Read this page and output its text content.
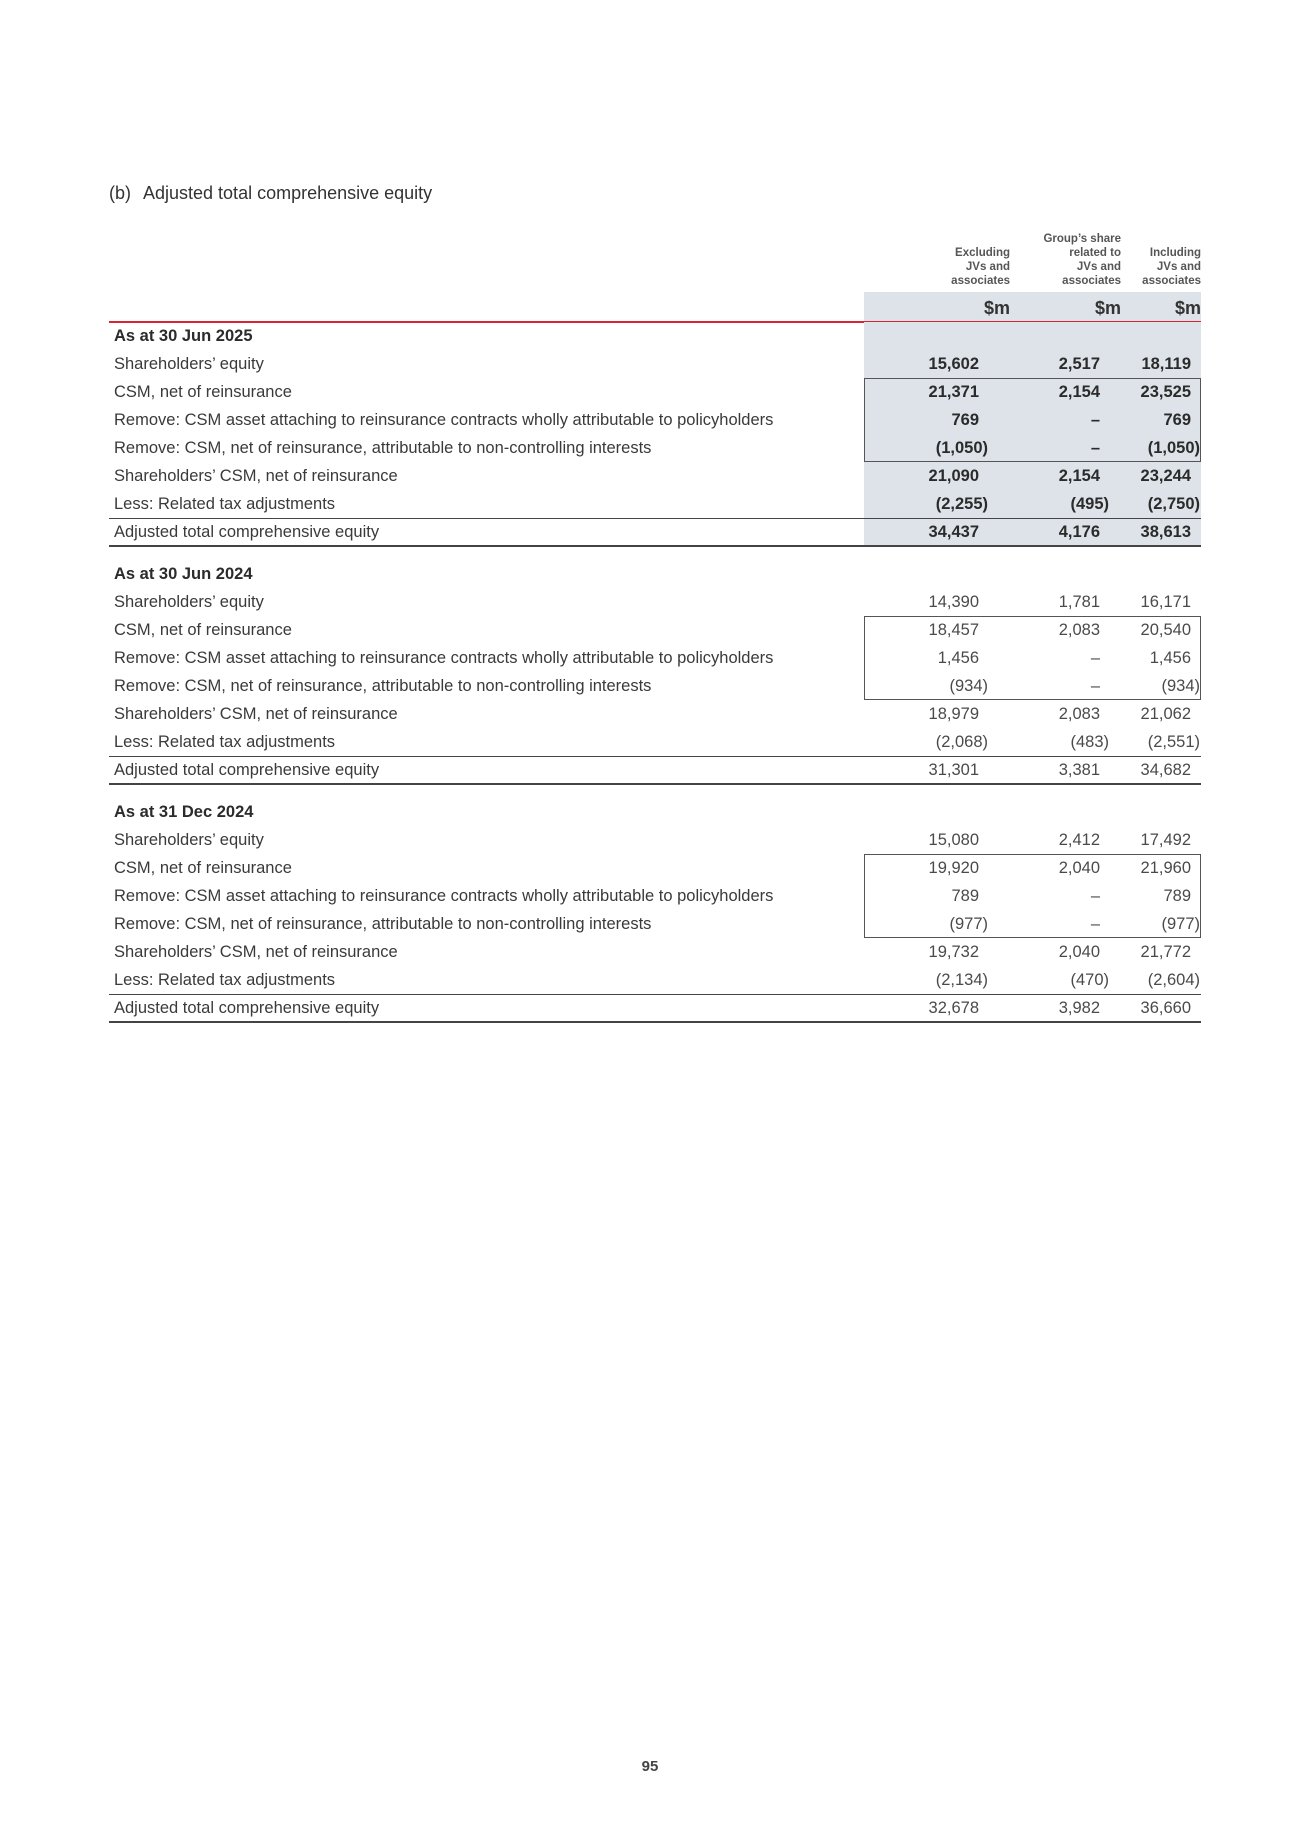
(b) Adjusted total comprehensive equity
Excluding
JVs and
associates
$m
Group’s share
related to
JVs and
associates
$m
Including
JVs and
associates
$m
As at 30 Jun 2025
Shareholders’ equity	15,602	2,517	18,119
CSM, net of reinsurance	21,371	2,154	23,525
Remove: CSM asset attaching to reinsurance contracts wholly attributable to policyholders	769	–	769
Remove: CSM, net of reinsurance, attributable to non-controlling interests	(1,050)	–	(1,050)
Shareholders’ CSM, net of reinsurance	21,090	2,154	23,244
Less: Related tax adjustments	(2,255)	(495)	(2,750)
Adjusted total comprehensive equity	34,437	4,176	38,613
As at 30 Jun 2024
Shareholders’ equity	14,390	1,781	16,171
CSM, net of reinsurance	18,457	2,083	20,540
Remove: CSM asset attaching to reinsurance contracts wholly attributable to policyholders	1,456	–	1,456
Remove: CSM, net of reinsurance, attributable to non-controlling interests	(934)	–	(934)
Shareholders’ CSM, net of reinsurance	18,979	2,083	21,062
Less: Related tax adjustments	(2,068)	(483)	(2,551)
Adjusted total comprehensive equity	31,301	3,381	34,682
As at 31 Dec 2024
Shareholders’ equity	15,080	2,412	17,492
CSM, net of reinsurance	19,920	2,040	21,960
Remove: CSM asset attaching to reinsurance contracts wholly attributable to policyholders	789	–	789
Remove: CSM, net of reinsurance, attributable to non-controlling interests	(977)	–	(977)
Shareholders’ CSM, net of reinsurance	19,732	2,040	21,772
Less: Related tax adjustments	(2,134)	(470)	(2,604)
Adjusted total comprehensive equity	32,678	3,982	36,660
95
